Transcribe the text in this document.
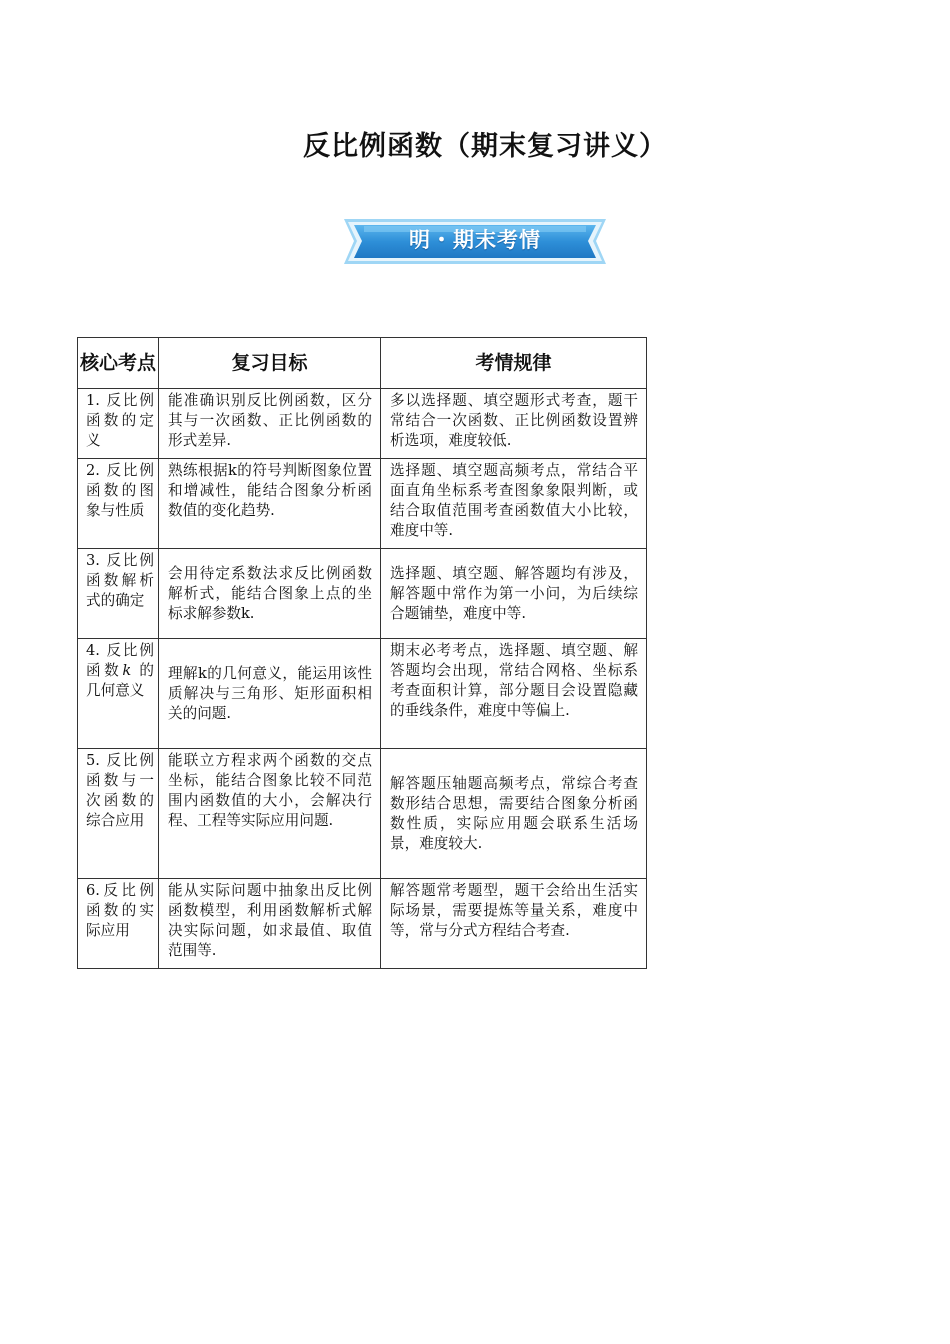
反比例函数（期末复习讲义）
明・期末考情
核心考点	复习目标	考情规律
1. 反比例函数的定义	能准确识别反比例函数，区分其与一次函数、正比例函数的形式差异.	多以选择题、填空题形式考查，题干常结合一次函数、正比例函数设置辨析选项，难度较低.
2. 反比例函数的图象与性质	熟练根据k的符号判断图象位置和增减性，能结合图象分析函数值的变化趋势.	选择题、填空题高频考点，常结合平面直角坐标系考查图象象限判断，或结合取值范围考查函数值大小比较，难度中等.
3. 反比例函数解析式的确定	会用待定系数法求反比例函数解析式，能结合图象上点的坐标求解参数k.	选择题、填空题、解答题均有涉及，解答题中常作为第一小问，为后续综合题铺垫，难度中等.
4. 反比例函数k 的几何意义	理解k的几何意义，能运用该性质解决与三角形、矩形面积相关的问题.	期末必考考点，选择题、填空题、解答题均会出现，常结合网格、坐标系考查面积计算，部分题目会设置隐藏的垂线条件，难度中等偏上.
5. 反比例函数与一次函数的综合应用	能联立方程求两个函数的交点坐标，能结合图象比较不同范围内函数值的大小，会解决行程、工程等实际应用问题.	解答题压轴题高频考点，常综合考查数形结合思想，需要结合图象分析函数性质，实际应用题会联系生活场景，难度较大.
6.反比例函数的实际应用	能从实际问题中抽象出反比例函数模型，利用函数解析式解决实际问题，如求最值、取值范围等.	解答题常考题型，题干会给出生活实际场景，需要提炼等量关系，难度中等，常与分式方程结合考查.
